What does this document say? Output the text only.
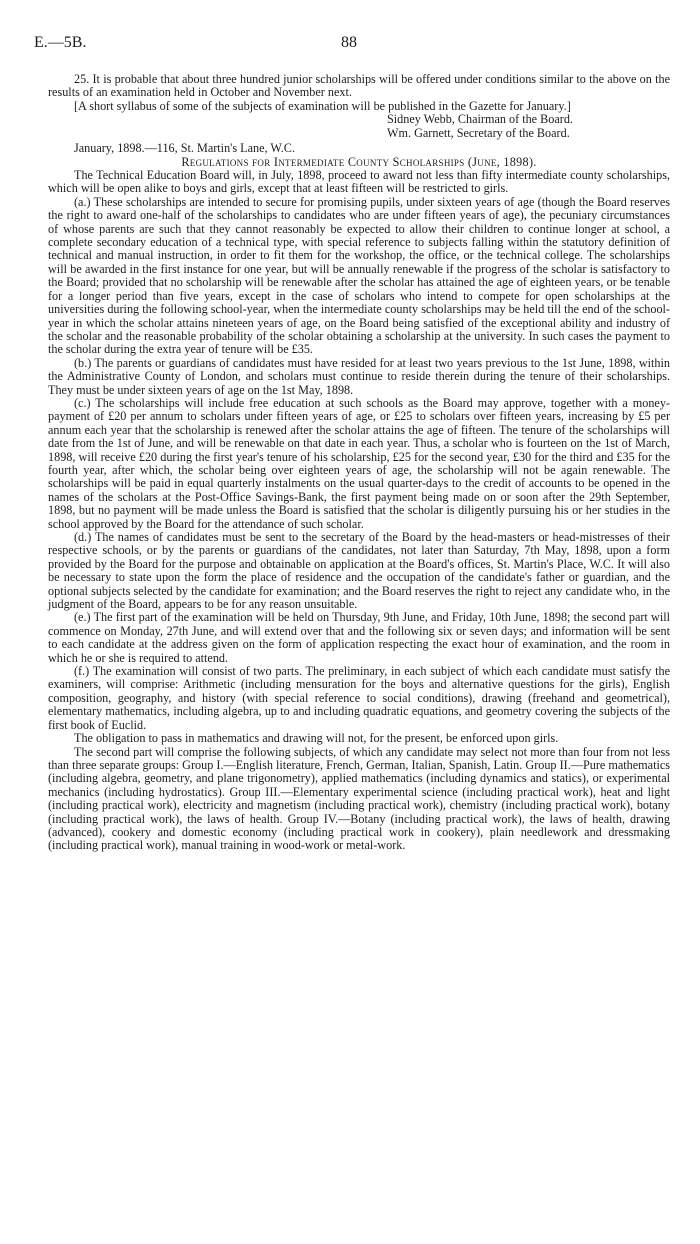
E.—5B.	88

25. It is probable that about three hundred junior scholarships will be offered under conditions similar to the above on the results of an examination held in October and November next.

[A short syllabus of some of the subjects of examination will be published in the Gazette for January.]

Sidney Webb, Chairman of the Board.
Wm. Garnett, Secretary of the Board.

January, 1898.—116, St. Martin's Lane, W.C.

Regulations for Intermediate County Scholarships (June, 1898).

The Technical Education Board will, in July, 1898, proceed to award not less than fifty intermediate county scholarships, which will be open alike to boys and girls, except that at least fifteen will be restricted to girls.

(a.) These scholarships are intended to secure for promising pupils, under sixteen years of age (though the Board reserves the right to award one-half of the scholarships to candidates who are under fifteen years of age), the pecuniary circumstances of whose parents are such that they cannot reasonably be expected to allow their children to continue longer at school, a complete secondary education of a technical type, with special reference to subjects falling within the statutory definition of technical and manual instruction, in order to fit them for the workshop, the office, or the technical college. The scholarships will be awarded in the first instance for one year, but will be annually renewable if the progress of the scholar is satisfactory to the Board; provided that no scholarship will be renewable after the scholar has attained the age of eighteen years, or be tenable for a longer period than five years, except in the case of scholars who intend to compete for open scholarships at the universities during the following school-year, when the intermediate county scholarships may be held till the end of the school-year in which the scholar attains nineteen years of age, on the Board being satisfied of the exceptional ability and industry of the scholar and the reasonable probability of the scholar obtaining a scholarship at the university. In such cases the payment to the scholar during the extra year of tenure will be £35.

(b.) The parents or guardians of candidates must have resided for at least two years previous to the 1st June, 1898, within the Administrative County of London, and scholars must continue to reside therein during the tenure of their scholarships. They must be under sixteen years of age on the 1st May, 1898.

(c.) The scholarships will include free education at such schools as the Board may approve, together with a money-payment of £20 per annum to scholars under fifteen years of age, or £25 to scholars over fifteen years, increasing by £5 per annum each year that the scholarship is renewed after the scholar attains the age of fifteen. The tenure of the scholarships will date from the 1st of June, and will be renewable on that date in each year. Thus, a scholar who is fourteen on the 1st of March, 1898, will receive £20 during the first year's tenure of his scholarship, £25 for the second year, £30 for the third and £35 for the fourth year, after which, the scholar being over eighteen years of age, the scholarship will not be again renewable. The scholarships will be paid in equal quarterly instalments on the usual quarter-days to the credit of accounts to be opened in the names of the scholars at the Post-Office Savings-Bank, the first payment being made on or soon after the 29th September, 1898, but no payment will be made unless the Board is satisfied that the scholar is diligently pursuing his or her studies in the school approved by the Board for the attendance of such scholar.

(d.) The names of candidates must be sent to the secretary of the Board by the head-masters or head-mistresses of their respective schools, or by the parents or guardians of the candidates, not later than Saturday, 7th May, 1898, upon a form provided by the Board for the purpose and obtainable on application at the Board's offices, St. Martin's Place, W.C. It will also be necessary to state upon the form the place of residence and the occupation of the candidate's father or guardian, and the optional subjects selected by the candidate for examination; and the Board reserves the right to reject any candidate who, in the judgment of the Board, appears to be for any reason unsuitable.

(e.) The first part of the examination will be held on Thursday, 9th June, and Friday, 10th June, 1898; the second part will commence on Monday, 27th June, and will extend over that and the following six or seven days; and information will be sent to each candidate at the address given on the form of application respecting the exact hour of examination, and the room in which he or she is required to attend.

(f.) The examination will consist of two parts. The preliminary, in each subject of which each candidate must satisfy the examiners, will comprise: Arithmetic (including mensuration for the boys and alternative questions for the girls), English composition, geography, and history (with special reference to social conditions), drawing (freehand and geometrical), elementary mathematics, including algebra, up to and including quadratic equations, and geometry covering the subjects of the first book of Euclid.

The obligation to pass in mathematics and drawing will not, for the present, be enforced upon girls.

The second part will comprise the following subjects, of which any candidate may select not more than four from not less than three separate groups: Group I.—English literature, French, German, Italian, Spanish, Latin. Group II.—Pure mathematics (including algebra, geometry, and plane trigonometry), applied mathematics (including dynamics and statics), or experimental mechanics (including hydrostatics). Group III.—Elementary experimental science (including practical work), heat and light (including practical work), electricity and magnetism (including practical work), chemistry (including practical work), botany (including practical work), the laws of health. Group IV.—Botany (including practical work), the laws of health, drawing (advanced), cookery and domestic economy (including practical work in cookery), plain needlework and dressmaking (including practical work), manual training in wood-work or metal-work.
